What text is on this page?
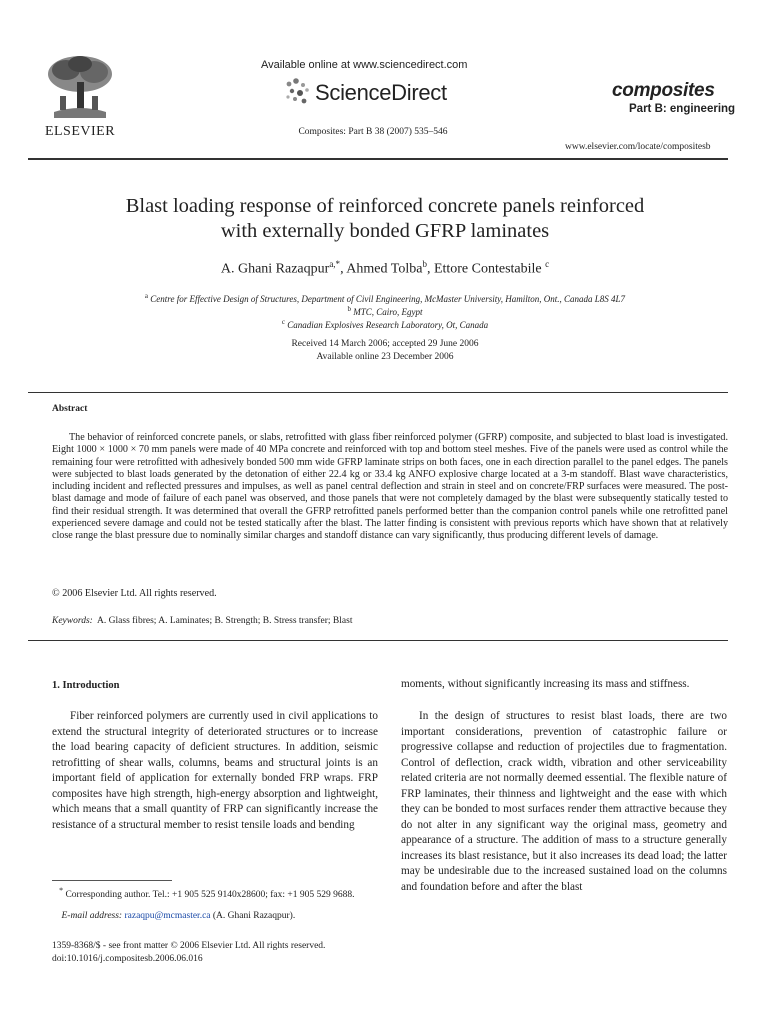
ELSEVIER
Available online at www.sciencedirect.com
ScienceDirect
Composites: Part B 38 (2007) 535–546
composites
Part B: engineering
www.elsevier.com/locate/compositesb
Blast loading response of reinforced concrete panels reinforced
with externally bonded GFRP laminates
A. Ghani Razaqpur$^{a,*}$, Ahmed Tolba$^b$, Ettore Contestabile $^c$
$^a$ Centre for Effective Design of Structures, Department of Civil Engineering, McMaster University, Hamilton, Ont., Canada L8S 4L7
$^b$ MTC, Cairo, Egypt
$^c$ Canadian Explosives Research Laboratory, Ot, Canada
Received 14 March 2006; accepted 29 June 2006
Available online 23 December 2006
Abstract
The behavior of reinforced concrete panels, or slabs, retrofitted with glass fiber reinforced polymer (GFRP) composite, and subjected to blast load is investigated. Eight 1000 × 1000 × 70 mm panels were made of 40 MPa concrete and reinforced with top and bottom steel meshes. Five of the panels were used as control while the remaining four were retrofitted with adhesively bonded 500 mm wide GFRP laminate strips on both faces, one in each direction parallel to the panel edges. The panels were subjected to blast loads generated by the detonation of either 22.4 kg or 33.4 kg ANFO explosive charge located at a 3-m standoff. Blast wave characteristics, including incident and reflected pressures and impulses, as well as panel central deflection and strain in steel and on concrete/FRP surfaces were measured. The post-blast damage and mode of failure of each panel was observed, and those panels that were not completely damaged by the blast were subsequently statically tested to find their residual strength. It was determined that overall the GFRP retrofitted panels performed better than the companion control panels while one retrofitted panel experienced severe damage and could not be tested statically after the blast. The latter finding is consistent with previous reports which have shown that at relatively close range the blast pressure due to nominally similar charges and standoff distance can vary significantly, thus producing different levels of damage.
© 2006 Elsevier Ltd. All rights reserved.
Keywords: A. Glass fibres; A. Laminates; B. Strength; B. Stress transfer; Blast
1. Introduction
Fiber reinforced polymers are currently used in civil applications to extend the structural integrity of deteriorated structures or to increase the load bearing capacity of deficient structures. In addition, seismic retrofitting of shear walls, columns, beams and structural joints is an important field of application for externally bonded FRP wraps. FRP composites have high strength, high-energy absorption and lightweight, which means that a small quantity of FRP can significantly increase the resistance of a structural member to resist tensile loads and bending
moments, without significantly increasing its mass and stiffness.
In the design of structures to resist blast loads, there are two important considerations, prevention of catastrophic failure or progressive collapse and reduction of projectiles due to fragmentation. Control of deflection, crack width, vibration and other serviceability related criteria are not normally deemed essential. The flexible nature of FRP laminates, their thinness and lightweight and the ease with which they can be bonded to most surfaces render them attractive because they do not alter in any significant way the original mass, geometry and appearance of a structure. The addition of mass to a structure generally increases its blast resistance, but it also increases its dead load; the latter may be undesirable due to the increased sustained load on the columns and foundation before and after the blast
* Corresponding author. Tel.: +1 905 525 9140x28600; fax: +1 905 529 9688.
E-mail address: razaqpu@mcmaster.ca (A. Ghani Razaqpur).
1359-8368/$ - see front matter © 2006 Elsevier Ltd. All rights reserved.
doi:10.1016/j.compositesb.2006.06.016
